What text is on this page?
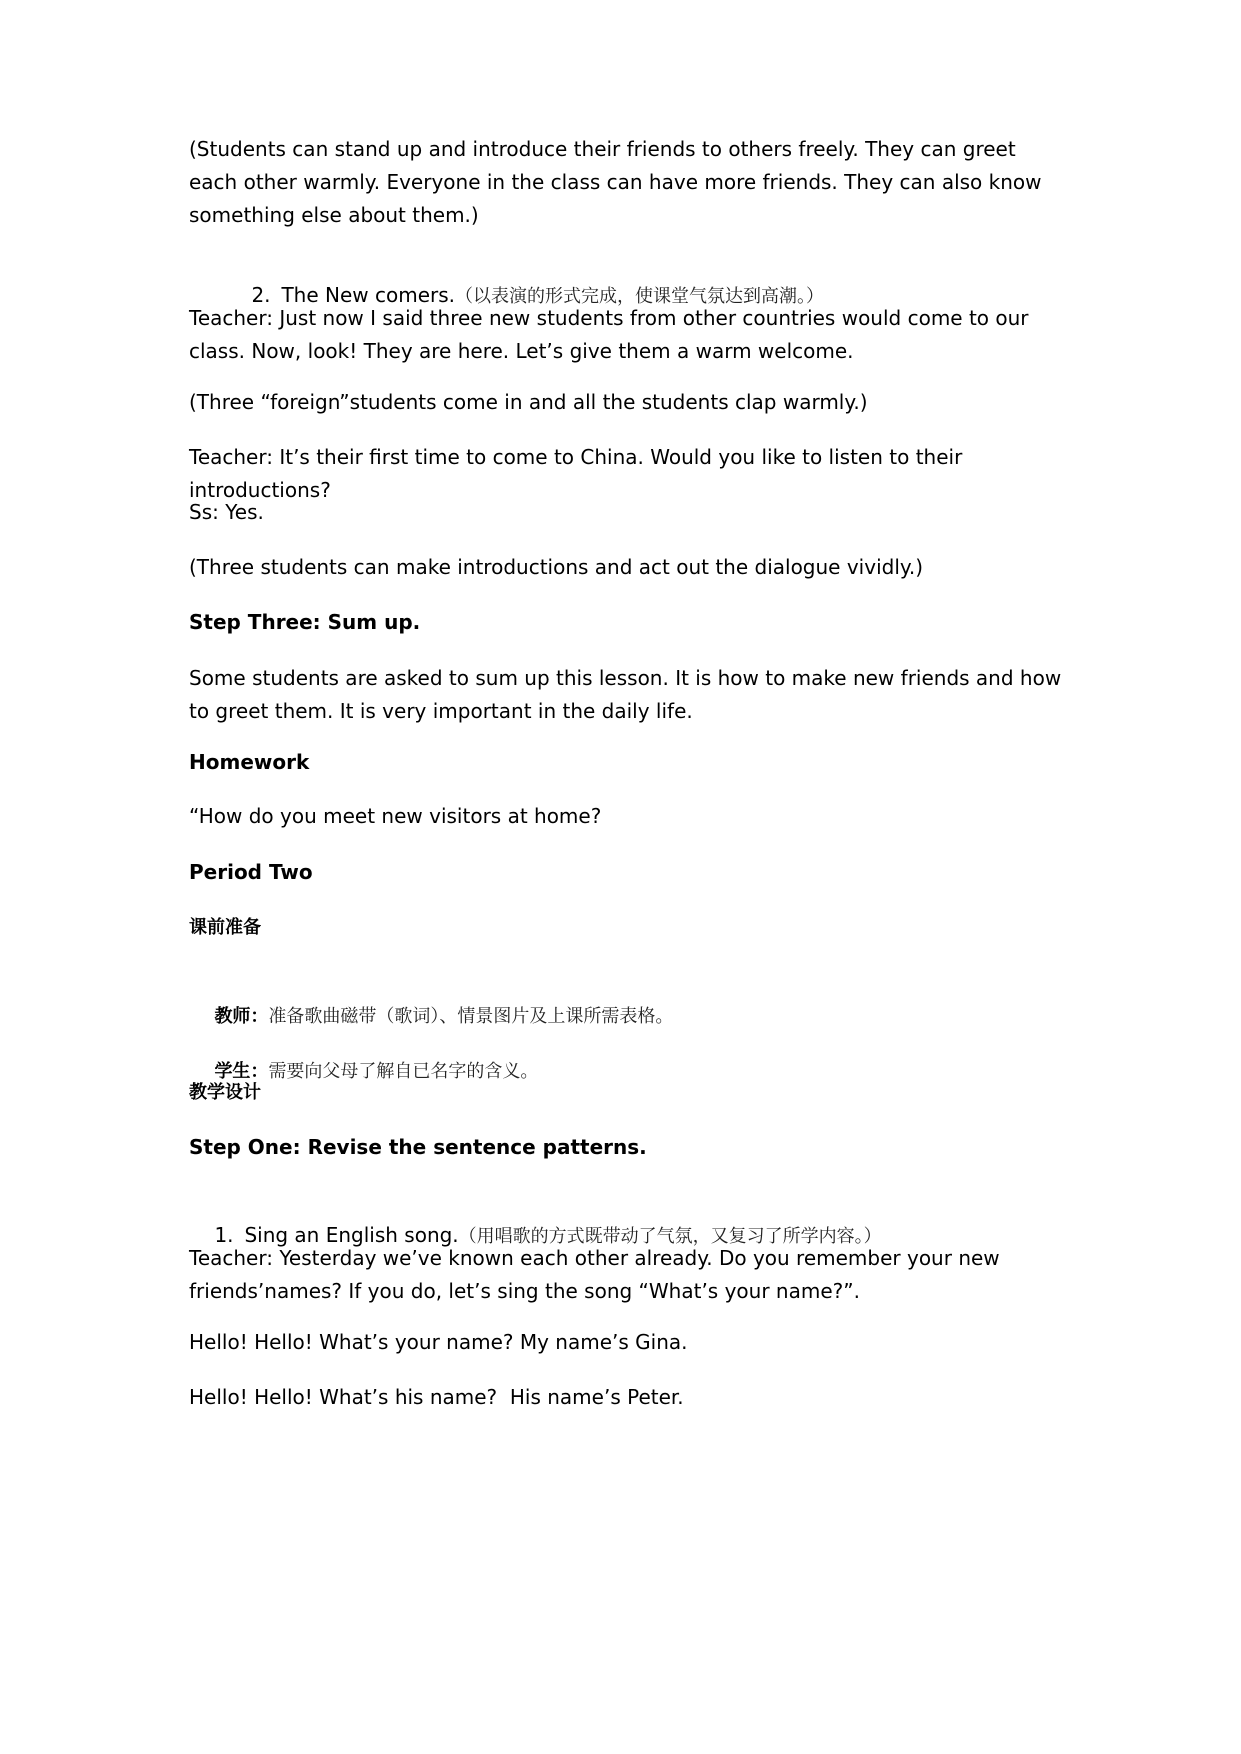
(Students can stand up and introduce their friends to others freely. They can greet each other warmly. Everyone in the class can have more friends. They can also know something else about them.)

2. The New comers.（以表演的形式完成，使课堂气氛达到高潮。）

Teacher: Just now I said three new students from other countries would come to our class. Now, look! They are here. Let’s give them a warm welcome.
(Three “foreign”students come in and all the students clap warmly.)
Teacher: It’s their first time to come to China. Would you like to listen to their introductions?
Ss: Yes.
(Three students can make introductions and act out the dialogue vividly.)
Step Three: Sum up.
Some students are asked to sum up this lesson. It is how to make new friends and how to greet them. It is very important in the daily life.
Homework
“How do you meet new visitors at home?
Period Two
课前准备

教师：准备歌曲磁带（歌词）、情景图片及上课所需表格。

学生：需要向父母了解自已名字的含义。

教学设计
Step One: Revise the sentence patterns.

1. Sing an English song.（用唱歌的方式既带动了气氛，又复习了所学内容。）

Teacher: Yesterday we’ve known each other already. Do you remember your new friends’names? If you do, let’s sing the song “What’s your name?”.
Hello! Hello! What’s your name? My name’s Gina.
Hello! Hello! What’s his name?  His name’s Peter.
